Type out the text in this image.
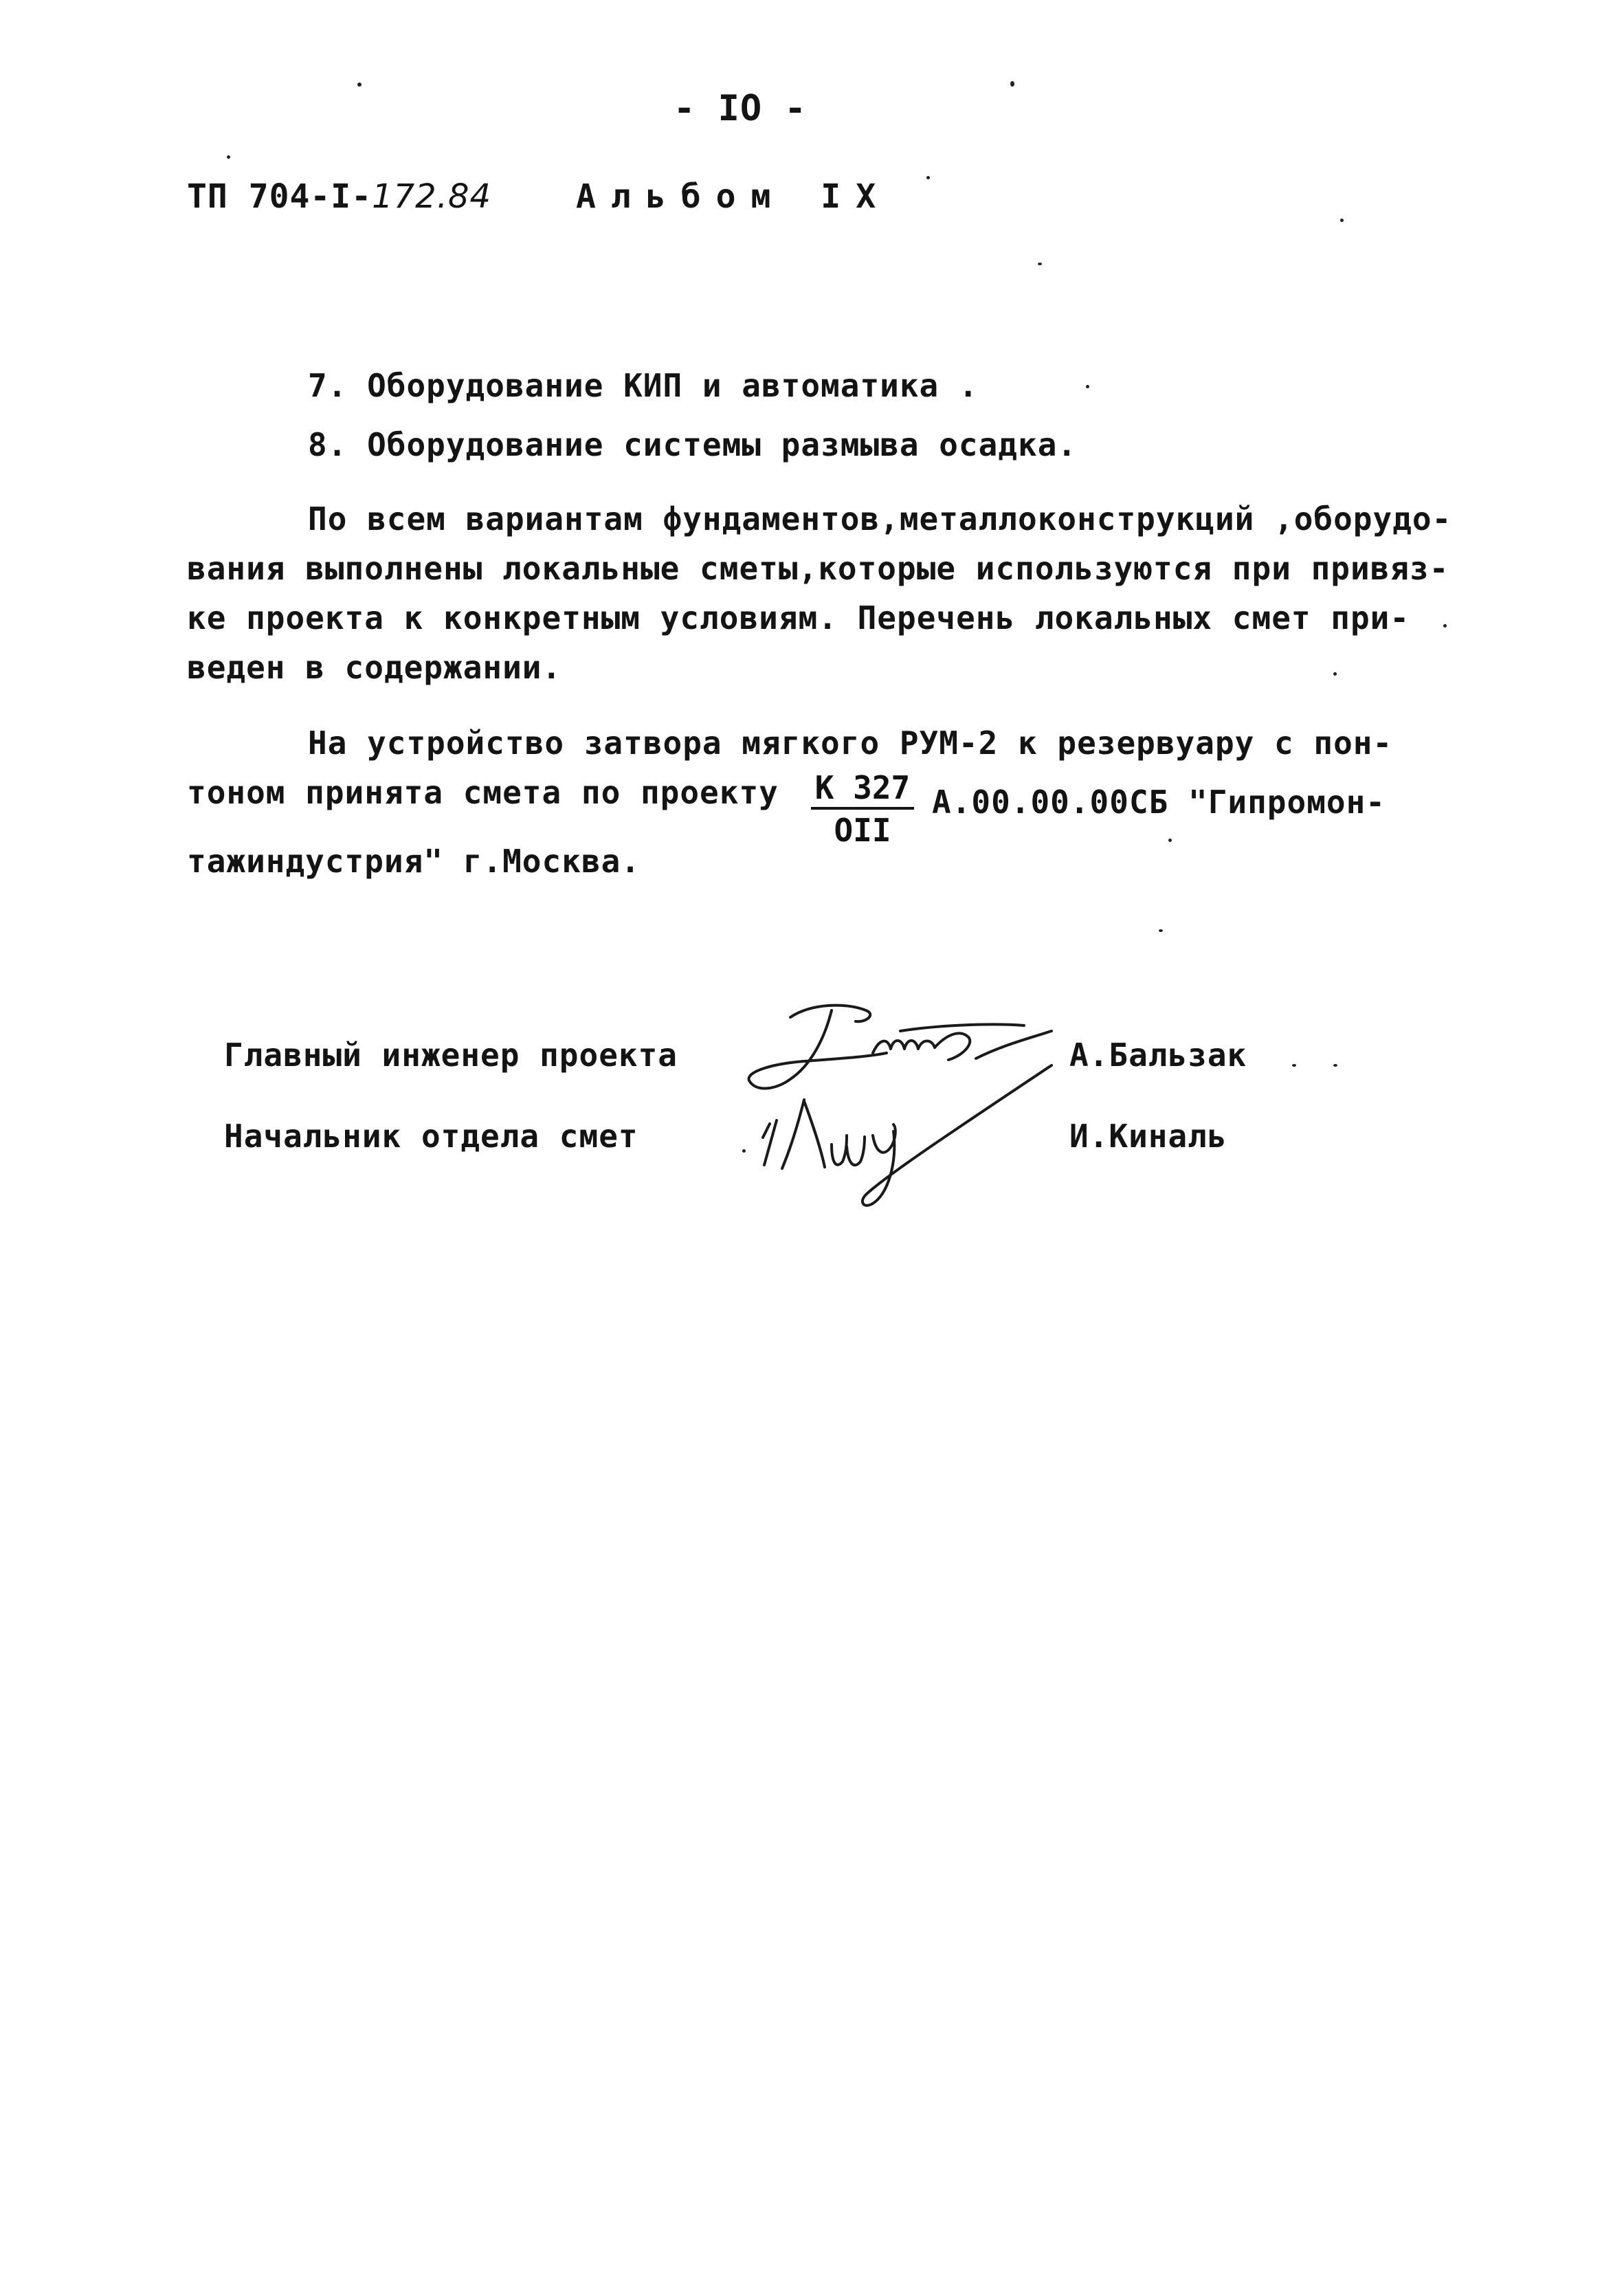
- IO -
ТП 704-I-172.84	Альбом IX
7. Оборудование КИП и автоматика .
8. Оборудование системы размыва осадка.
По всем вариантам фундаментов,металлоконструкций ,оборудо-
вания выполнены локальные сметы,которые используются при привяз-
ке проекта к конкретным условиям. Перечень локальных смет при-
веден в содержании.
На устройство затвора мягкого РУМ-2 к резервуару с пон-
тоном принята смета по проекту К 327
OII
А.00.00.00СБ "Гипромон-
тажиндустрия" г.Москва.
Главный инженер проекта	А.Бальзак
Начальник отдела смет	И.Киналь
